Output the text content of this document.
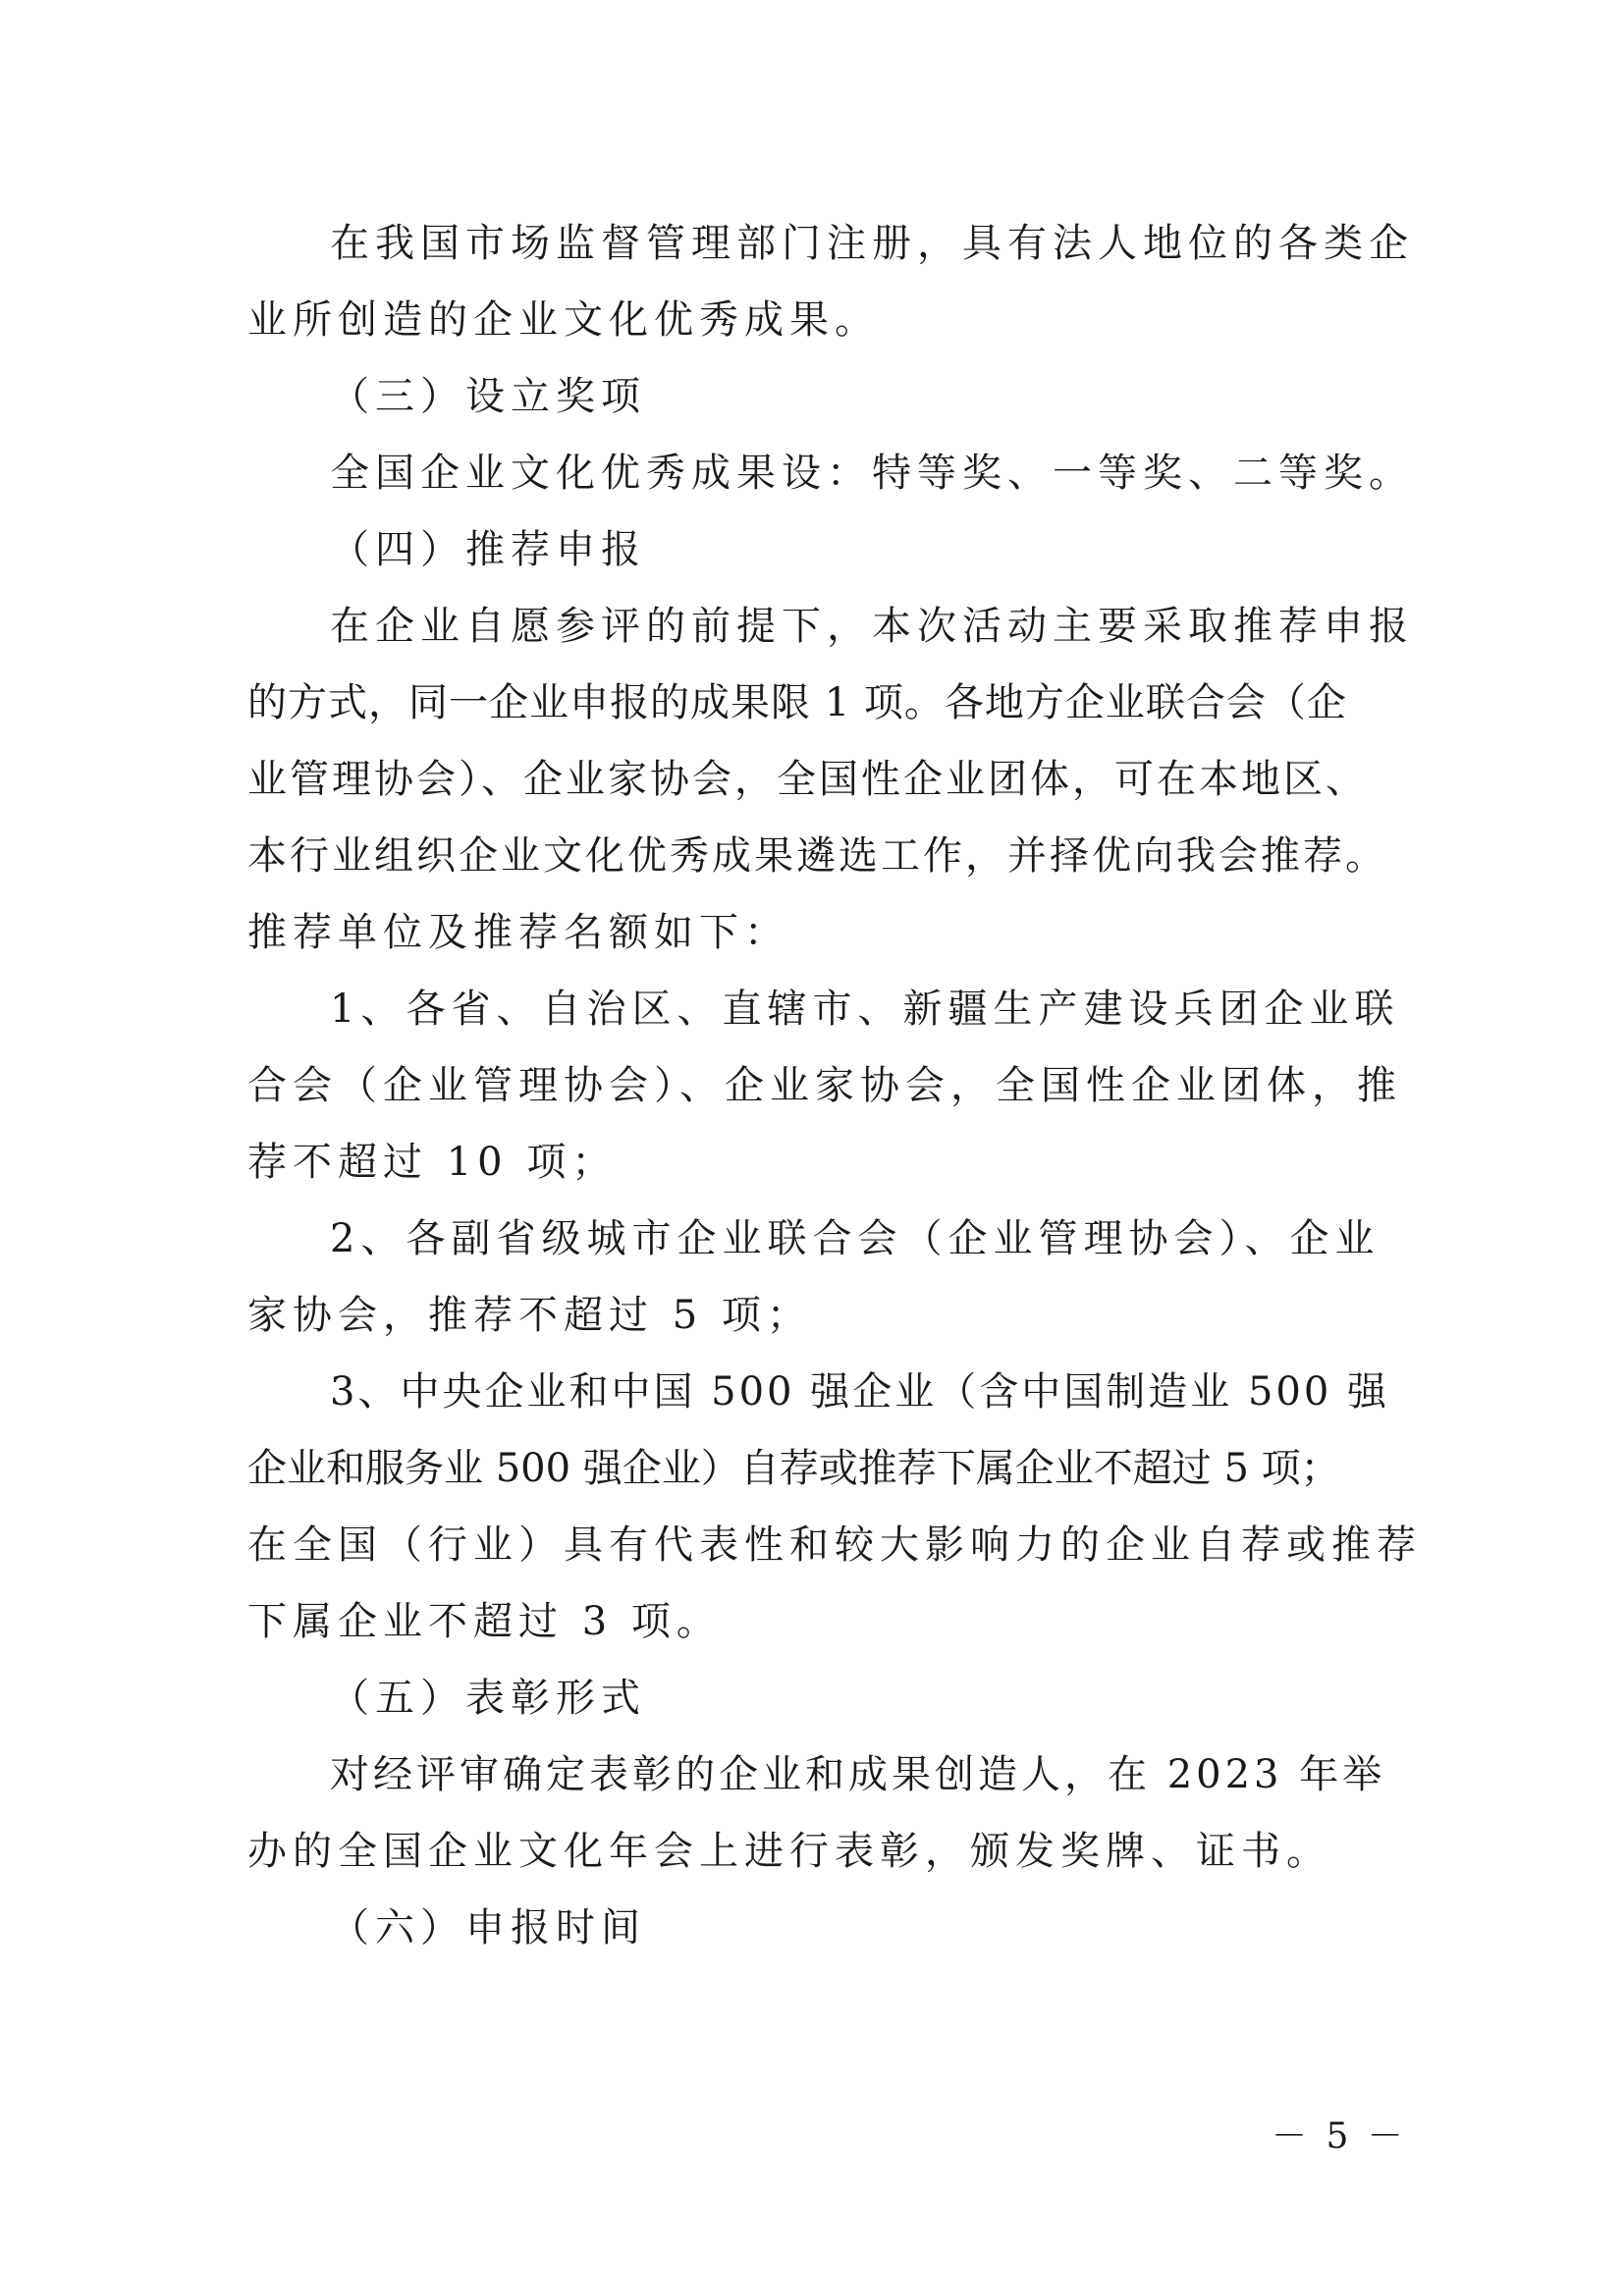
在我国市场监督管理部门注册，具有法人地位的各类企
业所创造的企业文化优秀成果。
（三）设立奖项
全国企业文化优秀成果设：特等奖、一等奖、二等奖。
（四）推荐申报
在企业自愿参评的前提下，本次活动主要采取推荐申报
的方式，同一企业申报的成果限 1 项。各地方企业联合会（企
业管理协会）、企业家协会，全国性企业团体，可在本地区、
本行业组织企业文化优秀成果遴选工作，并择优向我会推荐。
推荐单位及推荐名额如下：
1、各省、自治区、直辖市、新疆生产建设兵团企业联
合会（企业管理协会）、企业家协会，全国性企业团体，推
荐不超过 10 项；
2、各副省级城市企业联合会（企业管理协会）、企业
家协会，推荐不超过 5 项；
3、中央企业和中国 500 强企业（含中国制造业 500 强
企业和服务业 500 强企业）自荐或推荐下属企业不超过 5 项；
在全国（行业）具有代表性和较大影响力的企业自荐或推荐
下属企业不超过 3 项。
（五）表彰形式
对经评审确定表彰的企业和成果创造人，在 2023 年举
办的全国企业文化年会上进行表彰，颁发奖牌、证书。
（六）申报时间
－ 5 －
